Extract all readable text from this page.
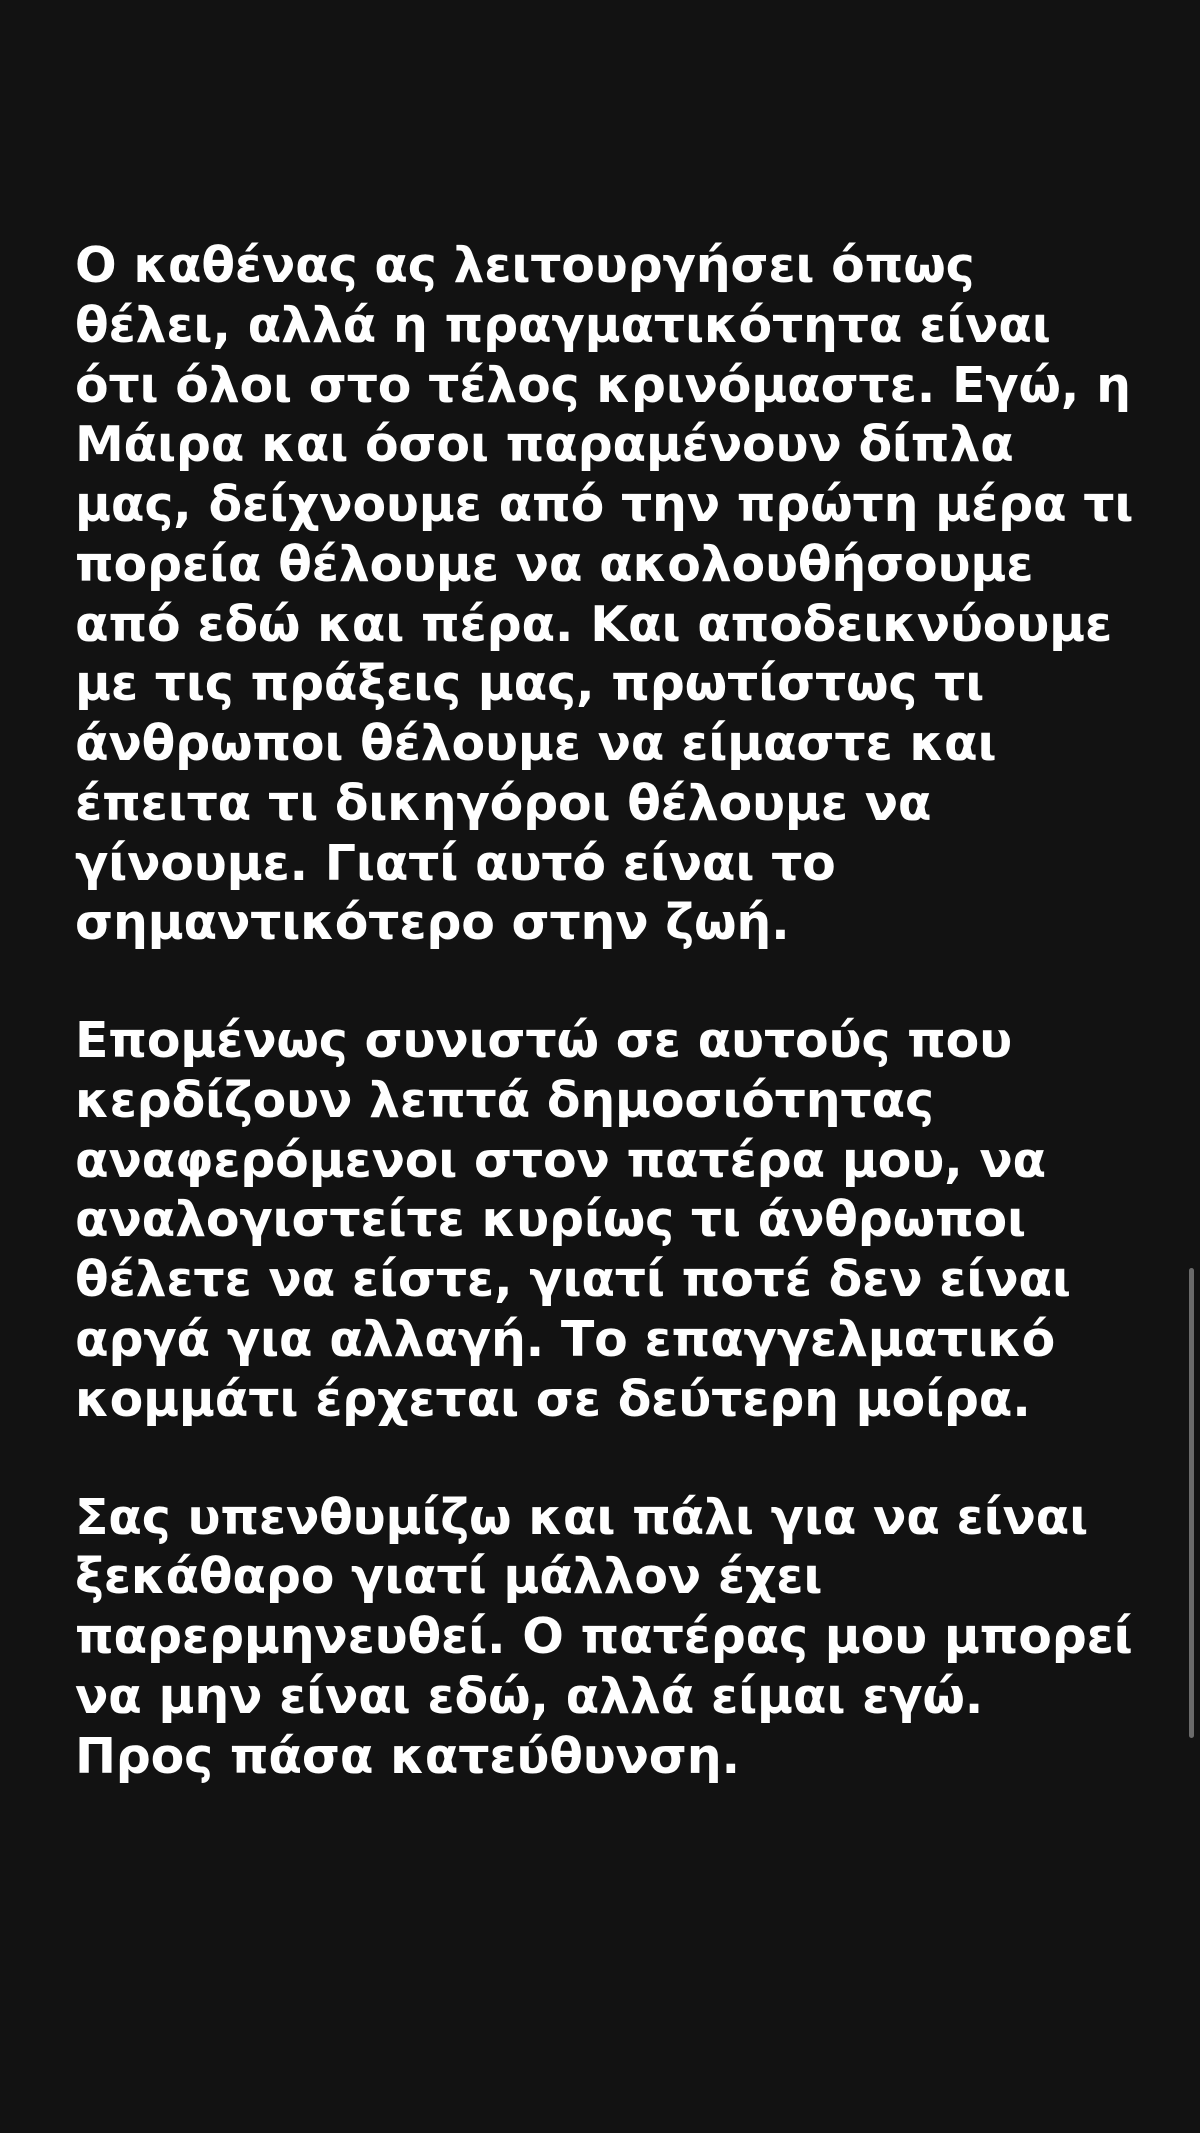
Ο καθένας ας λειτουργήσει όπως θέλει, αλλά η πραγματικότητα είναι ότι όλοι στο τέλος κρινόμαστε. Εγώ, η Μάιρα και όσοι παραμένουν δίπλα μας, δείχνουμε από την πρώτη μέρα τι πορεία θέλουμε να ακολουθήσουμε από εδώ και πέρα. Και αποδεικνύουμε με τις πράξεις μας, πρωτίστως τι άνθρωποι θέλουμε να είμαστε και έπειτα τι δικηγόροι θέλουμε να γίνουμε. Γιατί αυτό είναι το σημαντικότερο στην ζωή.

Επομένως συνιστώ σε αυτούς που κερδίζουν λεπτά δημοσιότητας αναφερόμενοι στον πατέρα μου, να αναλογιστείτε κυρίως τι άνθρωποι θέλετε να είστε, γιατί ποτέ δεν είναι αργά για αλλαγή. Το επαγγελματικό κομμάτι έρχεται σε δεύτερη μοίρα.

Σας υπενθυμίζω και πάλι για να είναι ξεκάθαρο γιατί μάλλον έχει παρερμηνευθεί. Ο πατέρας μου μπορεί να μην είναι εδώ, αλλά είμαι εγώ. Προς πάσα κατεύθυνση.
